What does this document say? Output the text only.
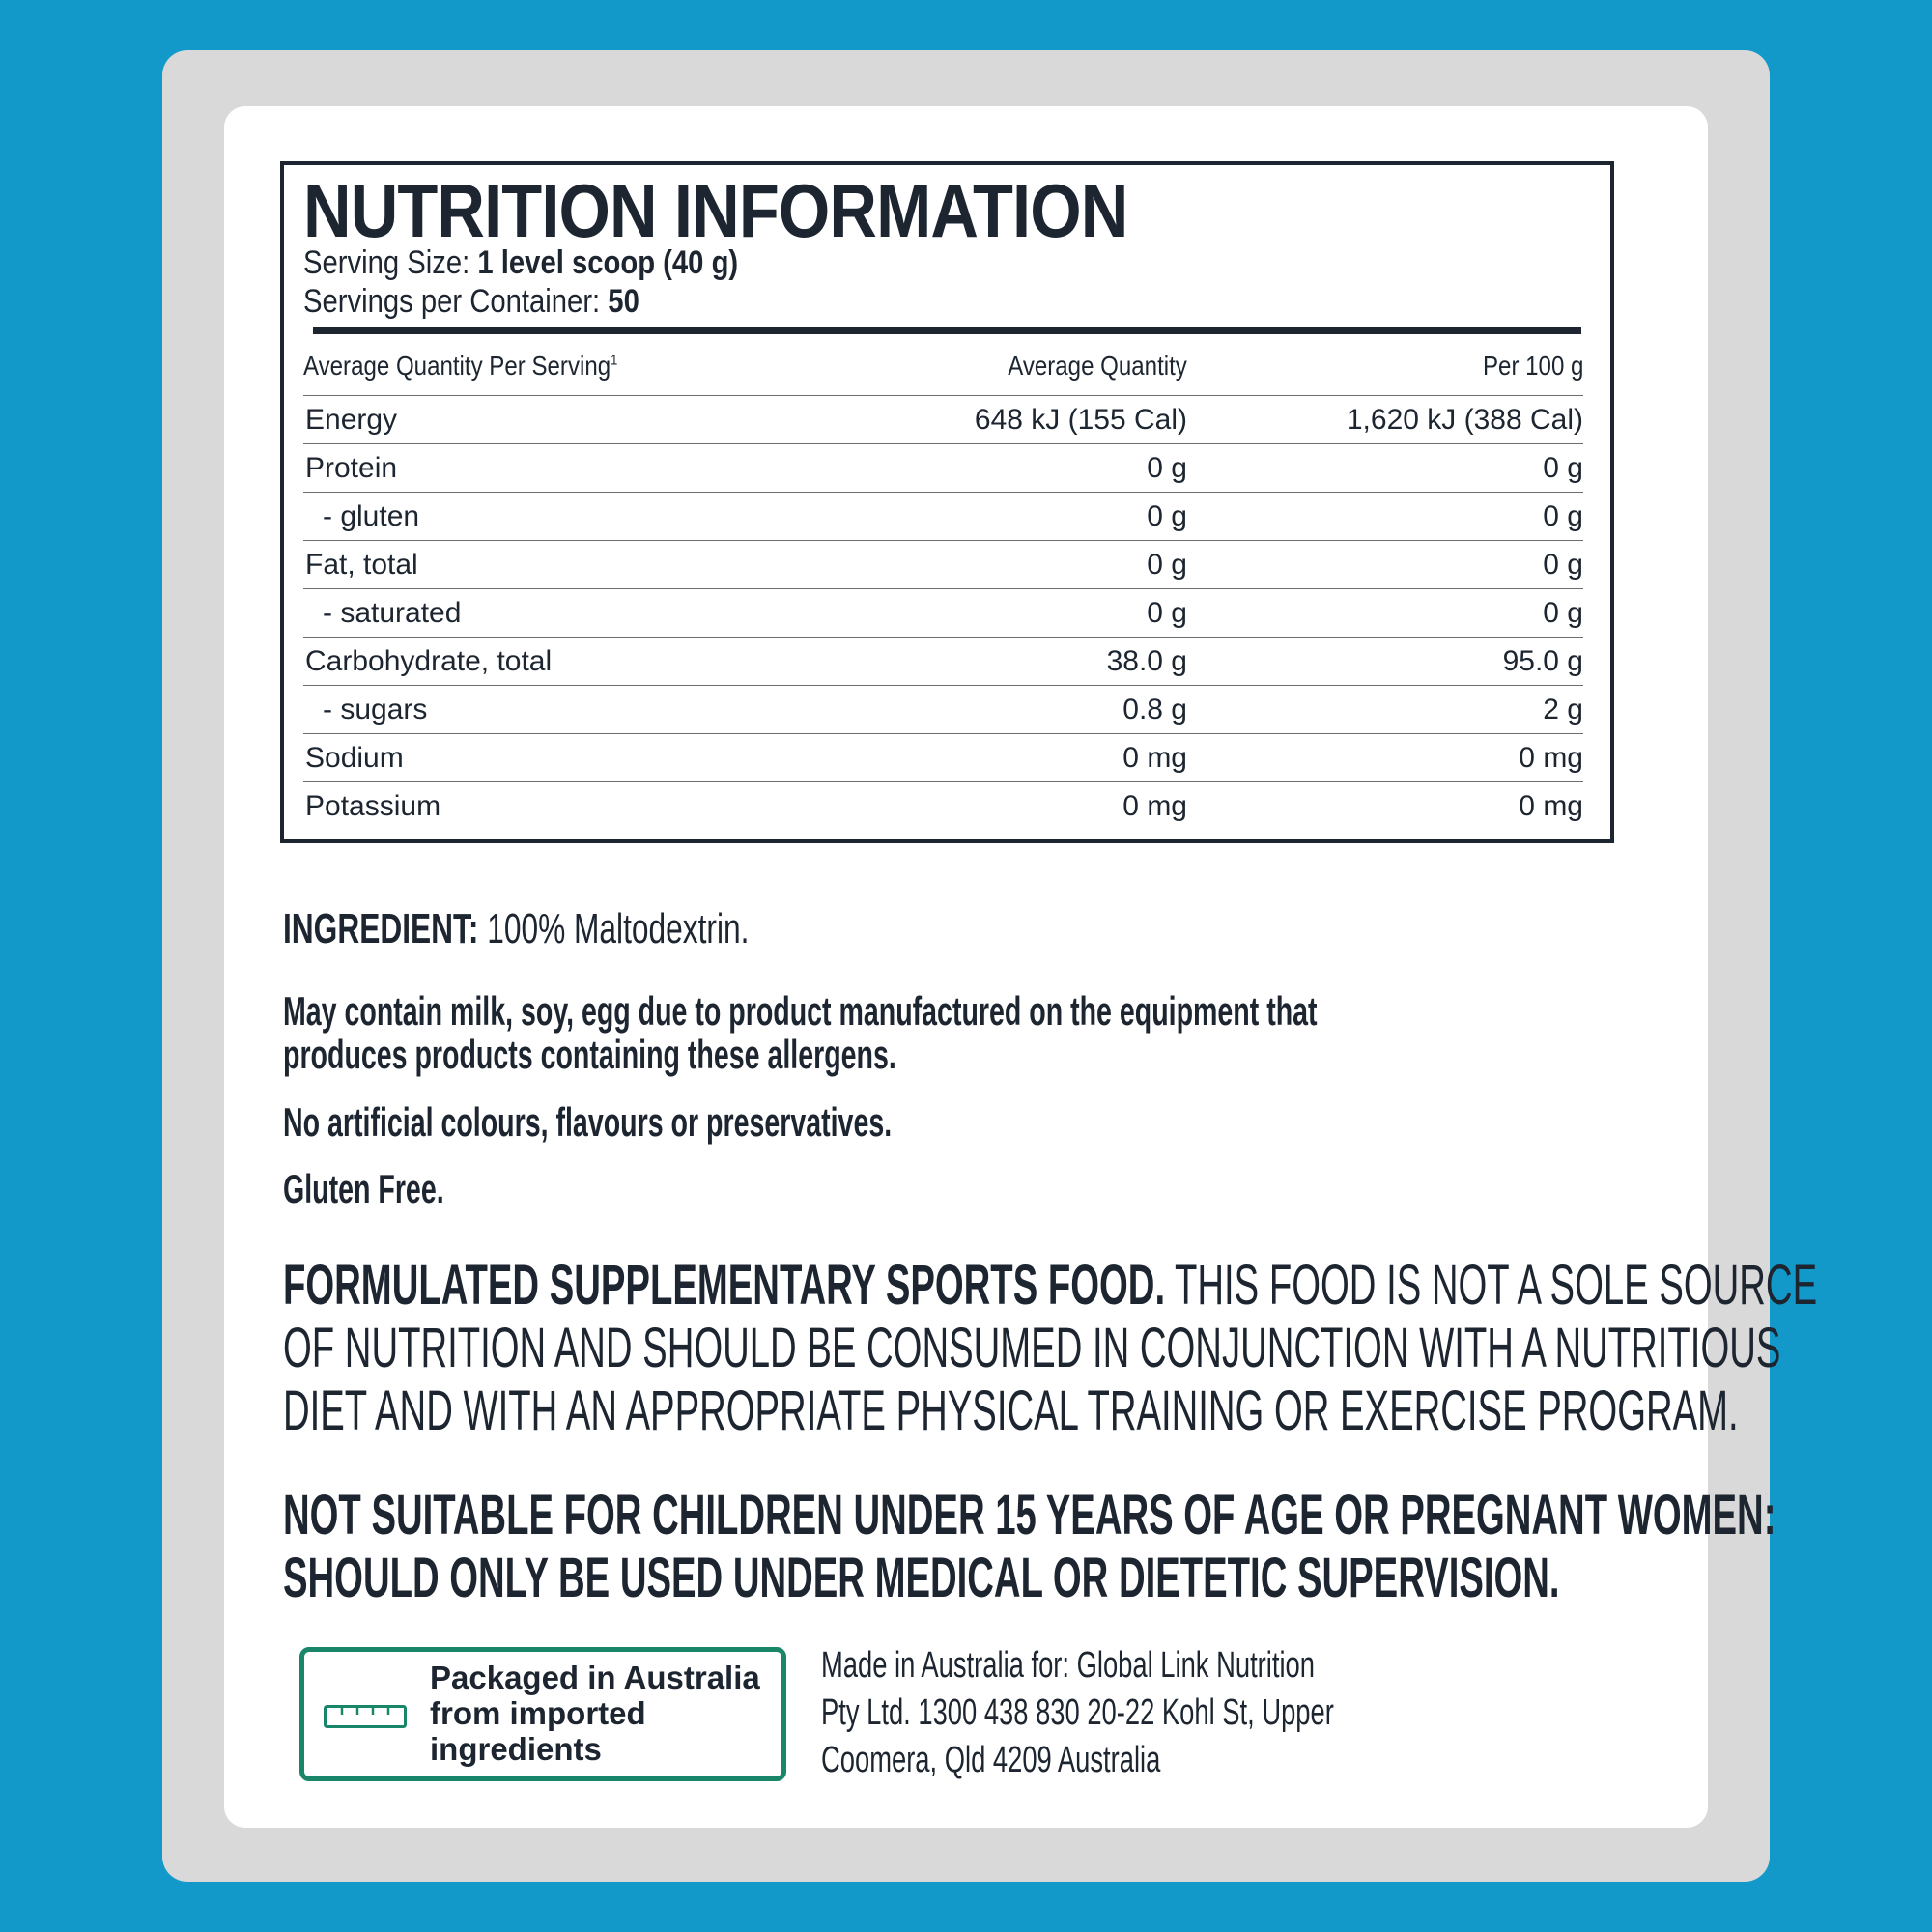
NUTRITION INFORMATION
Serving Size: 1 level scoop (40 g)
Servings per Container: 50
Average Quantity Per Serving$^1$	Average Quantity	Per 100 g
Energy	648 kJ (155 Cal)	1,620 kJ (388 Cal)
Protein	0 g	0 g
- gluten	0 g	0 g
Fat, total	0 g	0 g
- saturated	0 g	0 g
Carbohydrate, total	38.0 g	95.0 g
- sugars	0.8 g	2 g
Sodium	0 mg	0 mg
Potassium	0 mg	0 mg
INGREDIENT: 100% Maltodextrin.
May contain milk, soy, egg due to product manufactured on the equipment that
produces products containing these allergens.
No artificial colours, flavours or preservatives.
Gluten Free.
FORMULATED SUPPLEMENTARY SPORTS FOOD. THIS FOOD IS NOT A SOLE SOURCE
OF NUTRITION AND SHOULD BE CONSUMED IN CONJUNCTION WITH A NUTRITIOUS
DIET AND WITH AN APPROPRIATE PHYSICAL TRAINING OR EXERCISE PROGRAM.
NOT SUITABLE FOR CHILDREN UNDER 15 YEARS OF AGE OR PREGNANT WOMEN:
SHOULD ONLY BE USED UNDER MEDICAL OR DIETETIC SUPERVISION.
Packaged in Australia
from imported
ingredients
Made in Australia for: Global Link Nutrition
Pty Ltd. 1300 438 830 20-22 Kohl St, Upper
Coomera, Qld 4209 Australia
